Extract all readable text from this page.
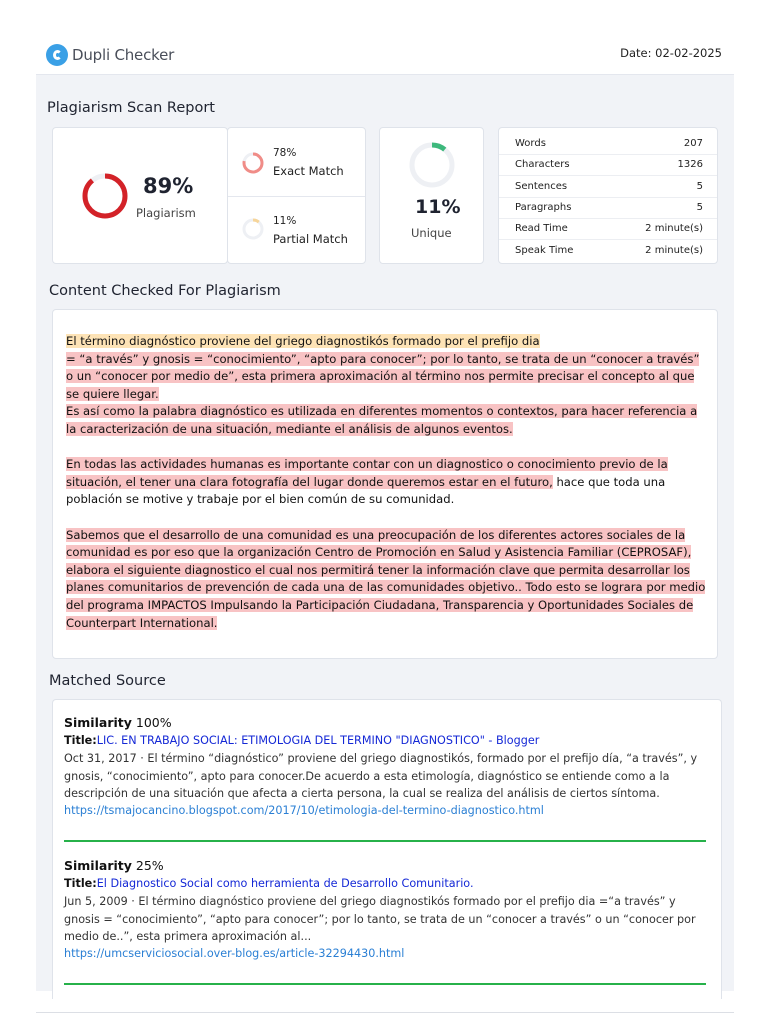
Dupli Checker	Date: 02-02-2025
Plagiarism Scan Report
89%
Plagiarism
78%
Exact Match
11%
Partial Match
11%
Unique
Words	207
Characters	1326
Sentences	5
Paragraphs	5
Read Time	2 minute(s)
Speak Time	2 minute(s)
Content Checked For Plagiarism
El término diagnóstico proviene del griego diagnostikós formado por el prefijo dia
= “a través” y gnosis = “conocimiento”, “apto para conocer”; por lo tanto, se trata de un “conocer a través” o un “conocer por medio de”, esta primera aproximación al término nos permite precisar el concepto al que se quiere llegar.
Es así como la palabra diagnóstico es utilizada en diferentes momentos o contextos, para hacer referencia a la caracterización de una situación, mediante el análisis de algunos eventos.

En todas las actividades humanas es importante contar con un diagnostico o conocimiento previo de la situación, el tener una clara fotografía del lugar donde queremos estar en el futuro, hace que toda una población se motive y trabaje por el bien común de su comunidad.

Sabemos que el desarrollo de una comunidad es una preocupación de los diferentes actores sociales de la comunidad es por eso que la organización Centro de Promoción en Salud y Asistencia Familiar (CEPROSAF), elabora el siguiente diagnostico el cual nos permitirá tener la información clave que permita desarrollar los planes comunitarios de prevención de cada una de las comunidades objetivo.. Todo esto se lograra por medio del programa IMPACTOS Impulsando la Participación Ciudadana, Transparencia y Oportunidades Sociales de Counterpart International.
Matched Source
Similarity 100%
Title:LIC. EN TRABAJO SOCIAL: ETIMOLOGIA DEL TERMINO "DIAGNOSTICO" - Blogger
Oct 31, 2017 · El término “diagnóstico” proviene del griego diagnostikós, formado por el prefijo día, “a través”, y gnosis, “conocimiento”, apto para conocer.De acuerdo a esta etimología, diagnóstico se entiende como a la descripción de una situación que afecta a cierta persona, la cual se realiza del análisis de ciertos síntoma.
https://tsmajocancino.blogspot.com/2017/10/etimologia-del-termino-diagnostico.html
Similarity 25%
Title:El Diagnostico Social como herramienta de Desarrollo Comunitario.
Jun 5, 2009 · El término diagnóstico proviene del griego diagnostikós formado por el prefijo dia =“a través” y gnosis = “conocimiento”, “apto para conocer”; por lo tanto, se trata de un “conocer a través” o un “conocer por medio de..”, esta primera aproximación al...
https://umcserviciosocial.over-blog.es/article-32294430.html
